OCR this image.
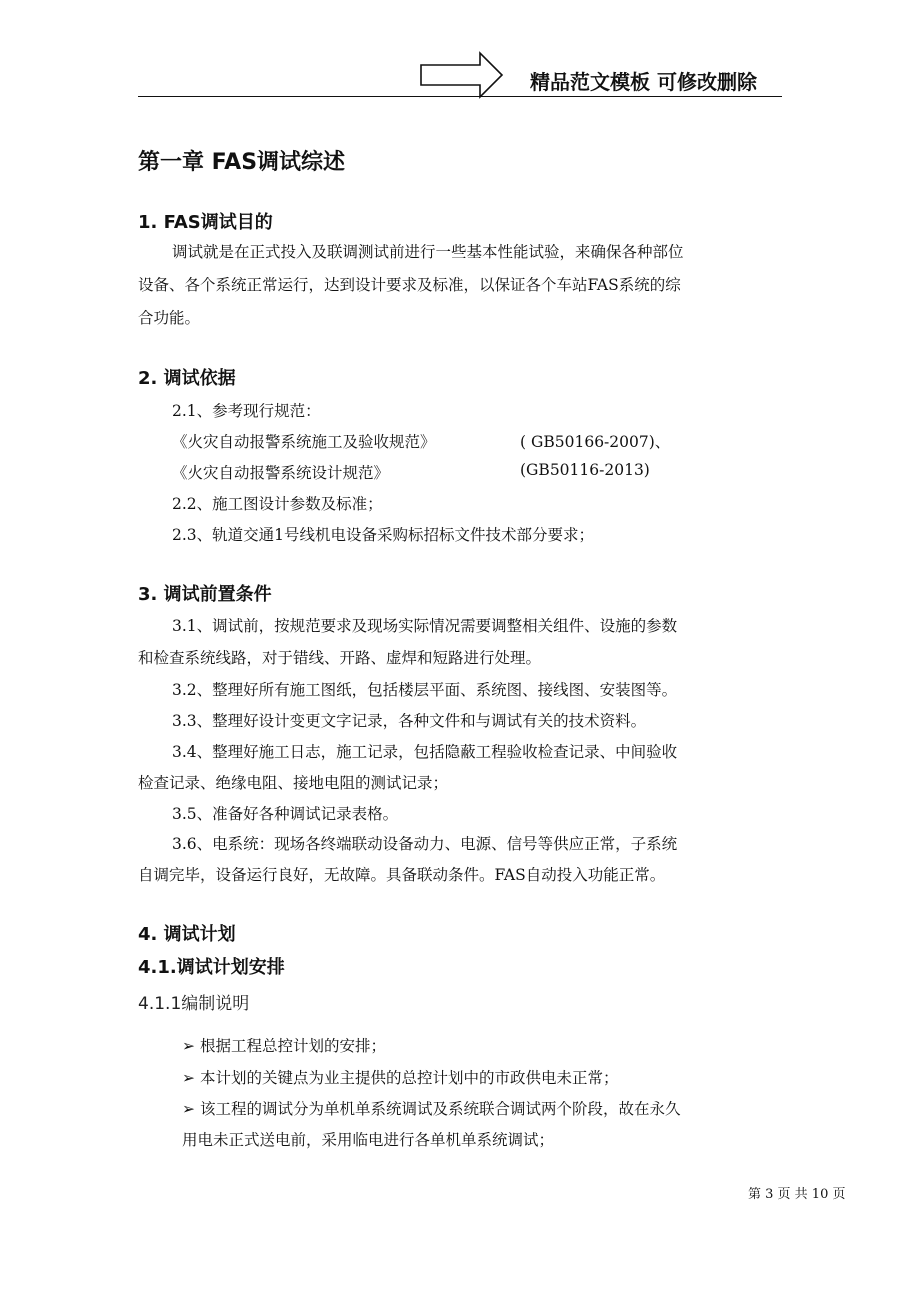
精品范文模板 可修改删除
第一章 FAS调试综述
1. FAS调试目的
调试就是在正式投入及联调测试前进行一些基本性能试验，来确保各种部位
设备、各个系统正常运行，达到设计要求及标准，以保证各个车站FAS系统的综
合功能。
2. 调试依据
2.1、参考现行规范：
《火灾自动报警系统施工及验收规范》	( GB50166-2007)、
《火灾自动报警系统设计规范》	(GB50116-2013)
2.2、施工图设计参数及标准；
2.3、轨道交通1号线机电设备采购标招标文件技术部分要求；
3. 调试前置条件
3.1、调试前，按规范要求及现场实际情况需要调整相关组件、设施的参数
和检查系统线路，对于错线、开路、虚焊和短路进行处理。
3.2、整理好所有施工图纸，包括楼层平面、系统图、接线图、安装图等。
3.3、整理好设计变更文字记录，各种文件和与调试有关的技术资料。
3.4、整理好施工日志，施工记录，包括隐蔽工程验收检查记录、中间验收
检查记录、绝缘电阻、接地电阻的测试记录；
3.5、准备好各种调试记录表格。
3.6、电系统：现场各终端联动设备动力、电源、信号等供应正常，子系统
自调完毕，设备运行良好，无故障。具备联动条件。FAS自动投入功能正常。
4. 调试计划
4.1.调试计划安排
4.1.1编制说明
➢ 根据工程总控计划的安排；
➢ 本计划的关键点为业主提供的总控计划中的市政供电未正常；
➢ 该工程的调试分为单机单系统调试及系统联合调试两个阶段，故在永久
用电未正式送电前，采用临电进行各单机单系统调试；
第 3 页 共 10 页
